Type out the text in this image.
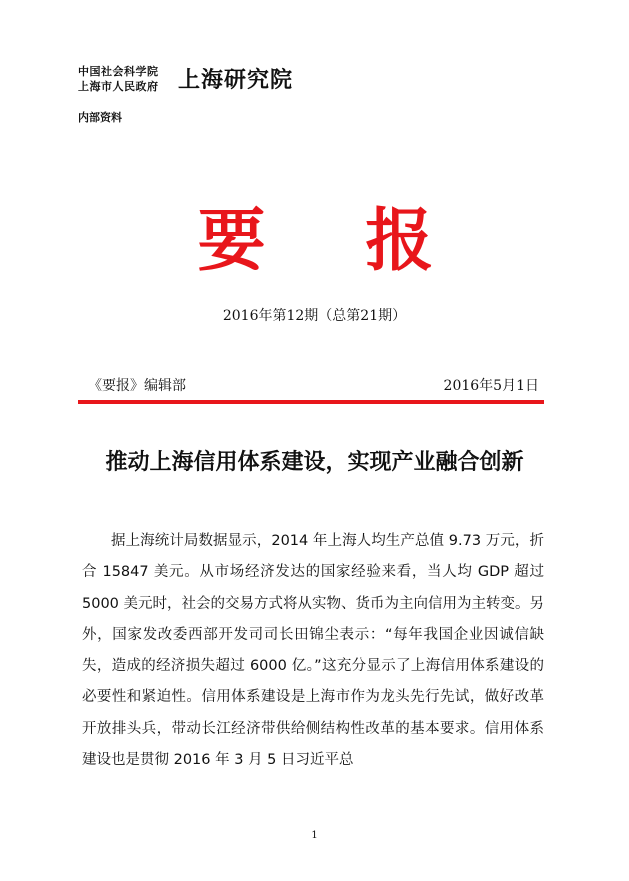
中国社会科学院
上海市人民政府 上海研究院
内部资料
要 报
2016年第12期（总第21期）
《要报》编辑部	2016年5月1日
推动上海信用体系建设，实现产业融合创新

据上海统计局数据显示，2014 年上海人均生产总值 9.73 万元，折合 15847 美元。从市场经济发达的国家经验来看，当人均 GDP 超过 5000 美元时，社会的交易方式将从实物、货币为主向信用为主转变。另外，国家发改委西部开发司司长田锦尘表示：“每年我国企业因诚信缺失，造成的经济损失超过 6000 亿。”这充分显示了上海信用体系建设的必要性和紧迫性。信用体系建设是上海市作为龙头先行先试，做好改革开放排头兵，带动长江经济带供给侧结构性改革的基本要求。信用体系建设也是贯彻 2016 年 3 月 5 日习近平总

1
